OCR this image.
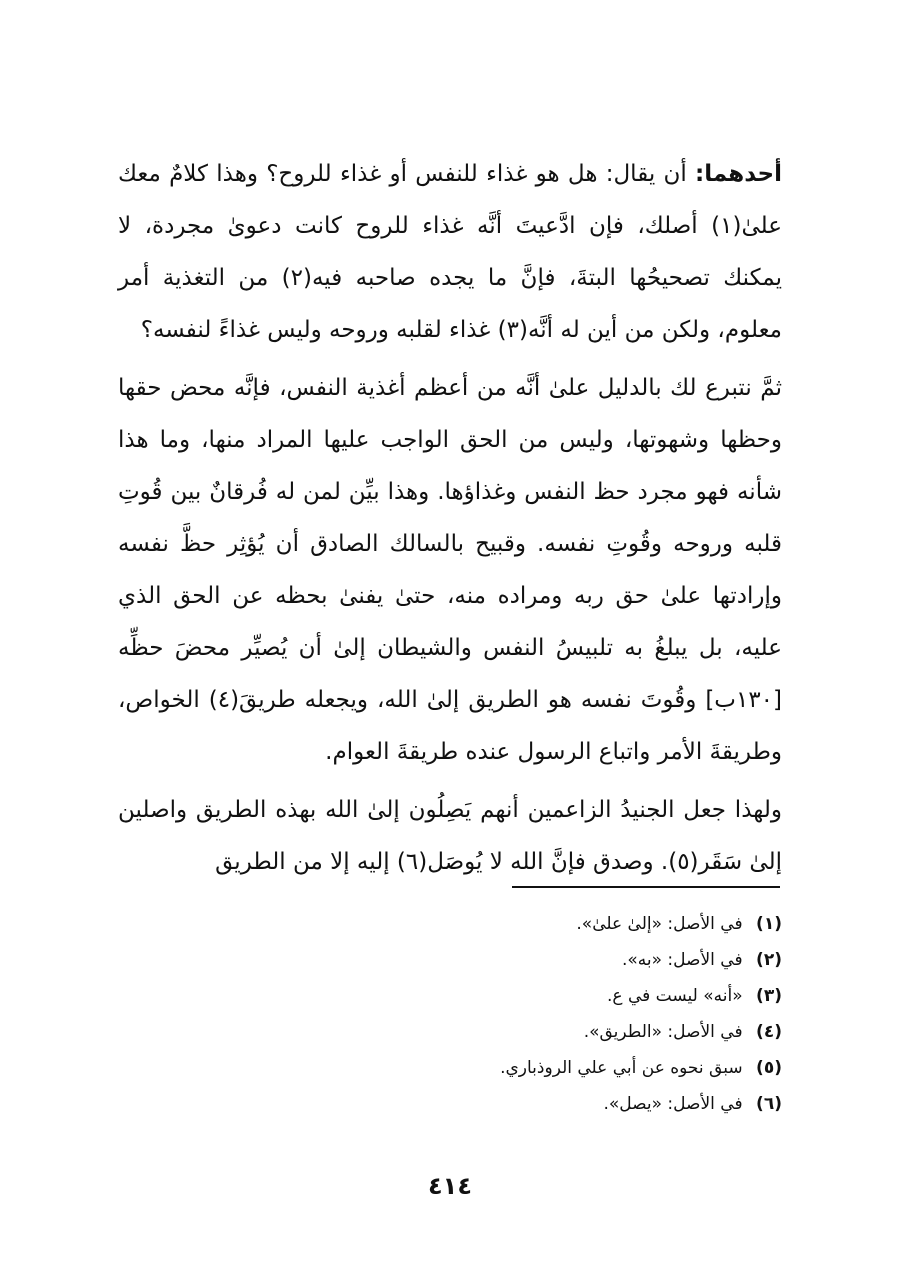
أحدهما: أن يقال: هل هو غذاء للنفس أو غذاء للروح؟ وهذا كلامٌ معك علىٰ(١) أصلك، فإن ادَّعيتَ أنَّه غذاء للروح كانت دعوىٰ مجردة، لا يمكنك تصحيحُها البتةَ، فإنَّ ما يجده صاحبه فيه(٢) من التغذية أمر معلوم، ولكن من أين له أنَّه(٣) غذاء لقلبه وروحه وليس غذاءً لنفسه؟

ثمَّ نتبرع لك بالدليل علىٰ أنَّه من أعظم أغذية النفس، فإنَّه محض حقها وحظها وشهوتها، وليس من الحق الواجب عليها المراد منها، وما هذا شأنه فهو مجرد حظ النفس وغذاؤها. وهذا بيِّن لمن له فُرقانٌ بين قُوتِ قلبه وروحه وقُوتِ نفسه. وقبيح بالسالك الصادق أن يُؤثِر حظَّ نفسه وإرادتها علىٰ حق ربه ومراده منه، حتىٰ يفنىٰ بحظه عن الحق الذي عليه، بل يبلغُ به تلبيسُ النفس والشيطان إلىٰ أن يُصيِّر محضَ حظِّه [١٣٠ب] وقُوتَ نفسه هو الطريق إلىٰ الله، ويجعله طريقَ(٤) الخواص، وطريقةَ الأمر واتباع الرسول عنده طريقةَ العوام.

ولهذا جعل الجنيدُ الزاعمين أنهم يَصِلُون إلىٰ الله بهذه الطريق واصلين إلىٰ سَقَر(٥). وصدق فإنَّ الله لا يُوصَل(٦) إليه إلا من الطريق

(١) في الأصل: «إلىٰ علىٰ».
(٢) في الأصل: «به».
(٣) «أنه» ليست في ع.
(٤) في الأصل: «الطريق».
(٥) سبق نحوه عن أبي علي الروذباري.
(٦) في الأصل: «يصل».
٤١٤
